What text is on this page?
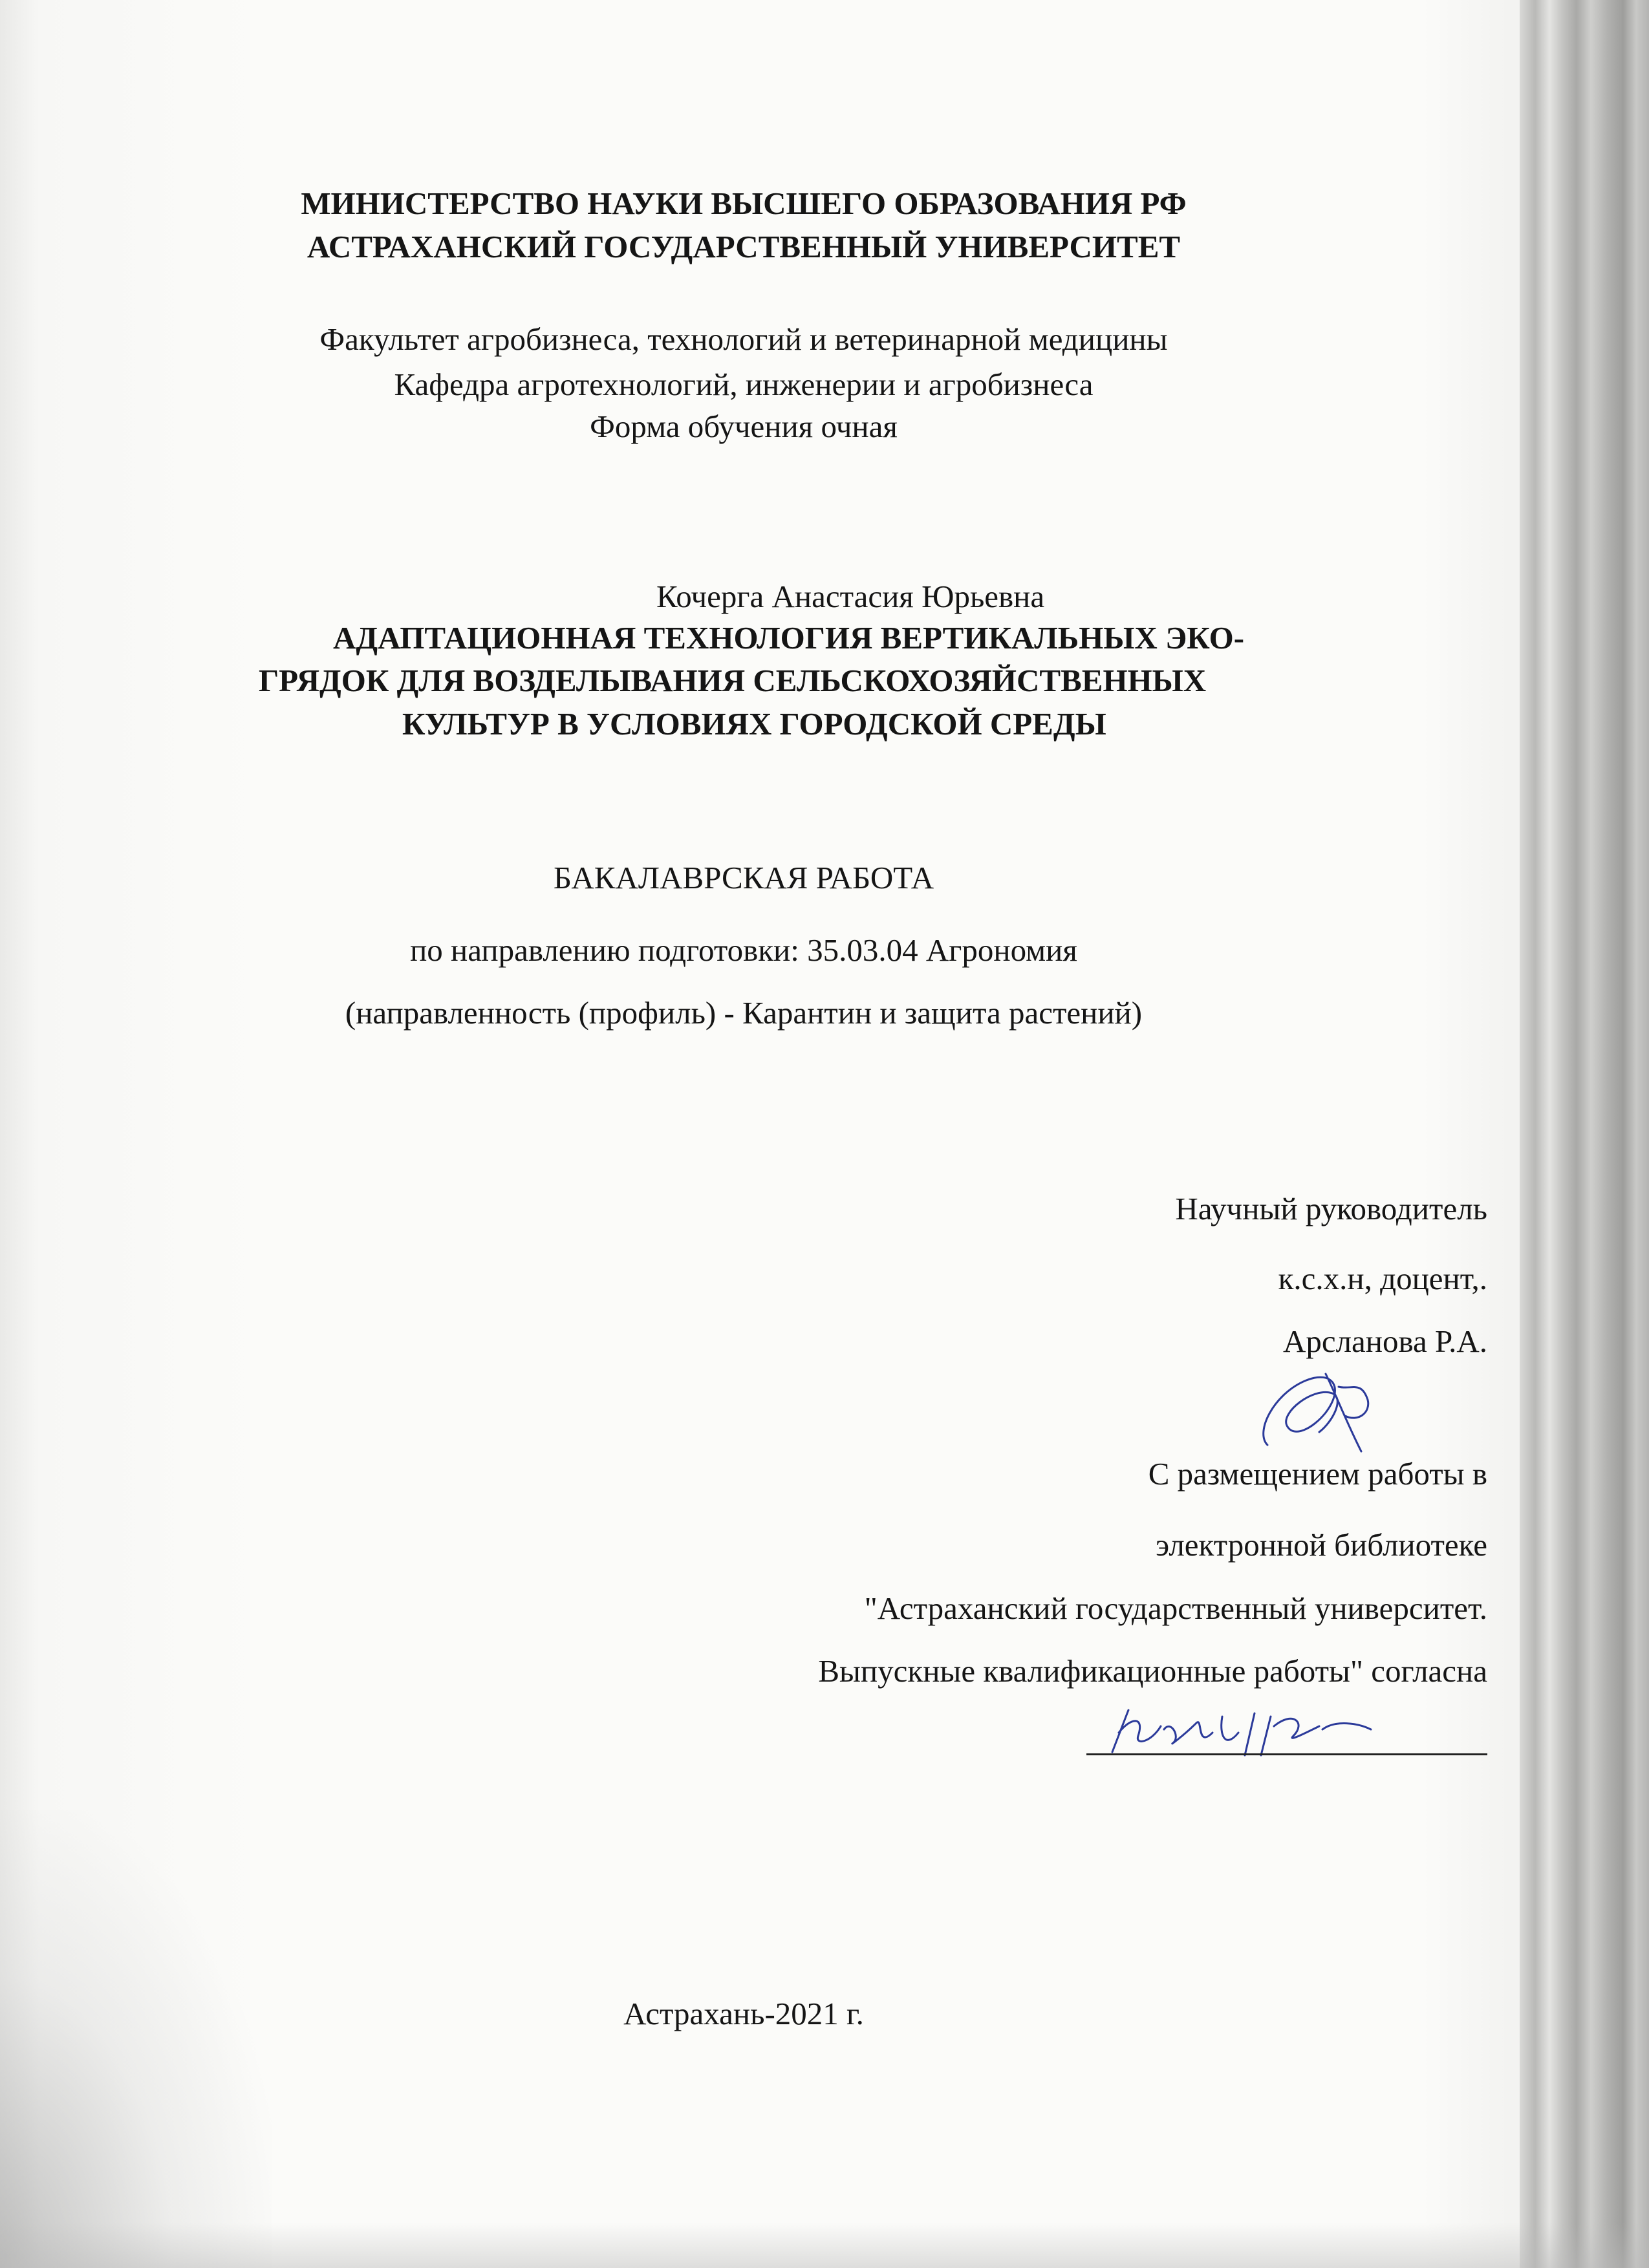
МИНИСТЕРСТВО НАУКИ ВЫСШЕГО ОБРАЗОВАНИЯ РФ
АСТРАХАНСКИЙ ГОСУДАРСТВЕННЫЙ УНИВЕРСИТЕТ
Факультет агробизнеса, технологий и ветеринарной медицины
Кафедра агротехнологий, инженерии и агробизнеса
Форма обучения очная
Кочерга Анастасия Юрьевна
АДАПТАЦИОННАЯ ТЕХНОЛОГИЯ ВЕРТИКАЛЬНЫХ ЭКО-
ГРЯДОК ДЛЯ ВОЗДЕЛЫВАНИЯ СЕЛЬСКОХОЗЯЙСТВЕННЫХ
КУЛЬТУР В УСЛОВИЯХ ГОРОДСКОЙ СРЕДЫ
БАКАЛАВРСКАЯ РАБОТА
по направлению подготовки: 35.03.04 Агрономия
(направленность (профиль) - Карантин и защита растений)
Научный руководитель
к.с.х.н, доцент,.
Арсланова Р.А.
С размещением работы в
электронной библиотеке
"Астраханский государственный университет.
Выпускные квалификационные работы" согласна
Астрахань-2021 г.
